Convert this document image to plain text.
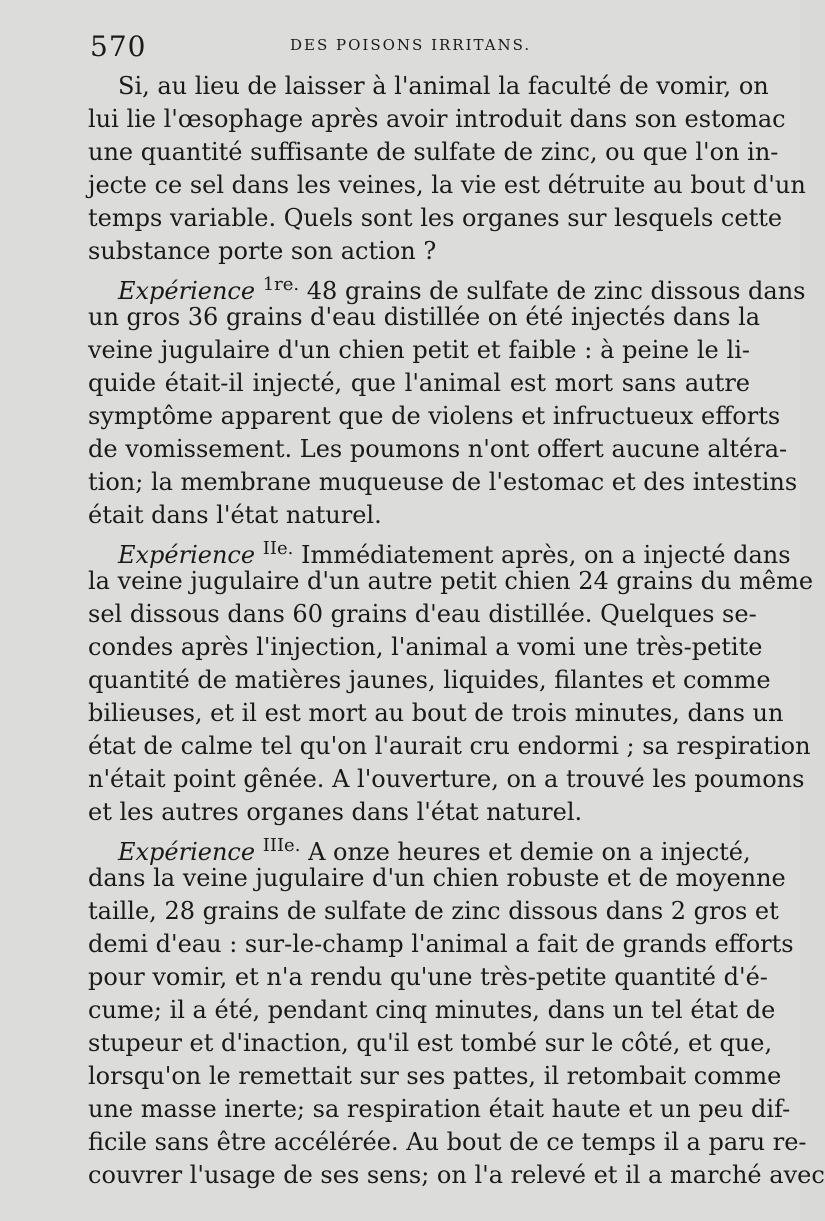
570	DES POISONS IRRITANS.
Si, au lieu de laisser à l'animal la faculté de vomir, on
lui lie l'œsophage après avoir introduit dans son estomac
une quantité suffisante de sulfate de zinc, ou que l'on in-
jecte ce sel dans les veines, la vie est détruite au bout d'un
temps variable. Quels sont les organes sur lesquels cette
substance porte son action ?
Expérience $^{1re.}$ 48 grains de sulfate de zinc dissous dans
un gros 36 grains d'eau distillée on été injectés dans la
veine jugulaire d'un chien petit et faible : à peine le li-
quide était-il injecté, que l'animal est mort sans autre
symptôme apparent que de violens et infructueux efforts
de vomissement. Les poumons n'ont offert aucune altéra-
tion; la membrane muqueuse de l'estomac et des intestins
était dans l'état naturel.
Expérience $^{IIe.}$ Immédiatement après, on a injecté dans
la veine jugulaire d'un autre petit chien 24 grains du même
sel dissous dans 60 grains d'eau distillée. Quelques se-
condes après l'injection, l'animal a vomi une très-petite
quantité de matières jaunes, liquides, filantes et comme
bilieuses, et il est mort au bout de trois minutes, dans un
état de calme tel qu'on l'aurait cru endormi ; sa respiration
n'était point gênée. A l'ouverture, on a trouvé les poumons
et les autres organes dans l'état naturel.
Expérience $^{IIIe.}$ A onze heures et demie on a injecté,
dans la veine jugulaire d'un chien robuste et de moyenne
taille, 28 grains de sulfate de zinc dissous dans 2 gros et
demi d'eau : sur-le-champ l'animal a fait de grands efforts
pour vomir, et n'a rendu qu'une très-petite quantité d'é-
cume; il a été, pendant cinq minutes, dans un tel état de
stupeur et d'inaction, qu'il est tombé sur le côté, et que,
lorsqu'on le remettait sur ses pattes, il retombait comme
une masse inerte; sa respiration était haute et un peu dif-
ficile sans être accélérée. Au bout de ce temps il a paru re-
couvrer l'usage de ses sens; on l'a relevé et il a marché avec
